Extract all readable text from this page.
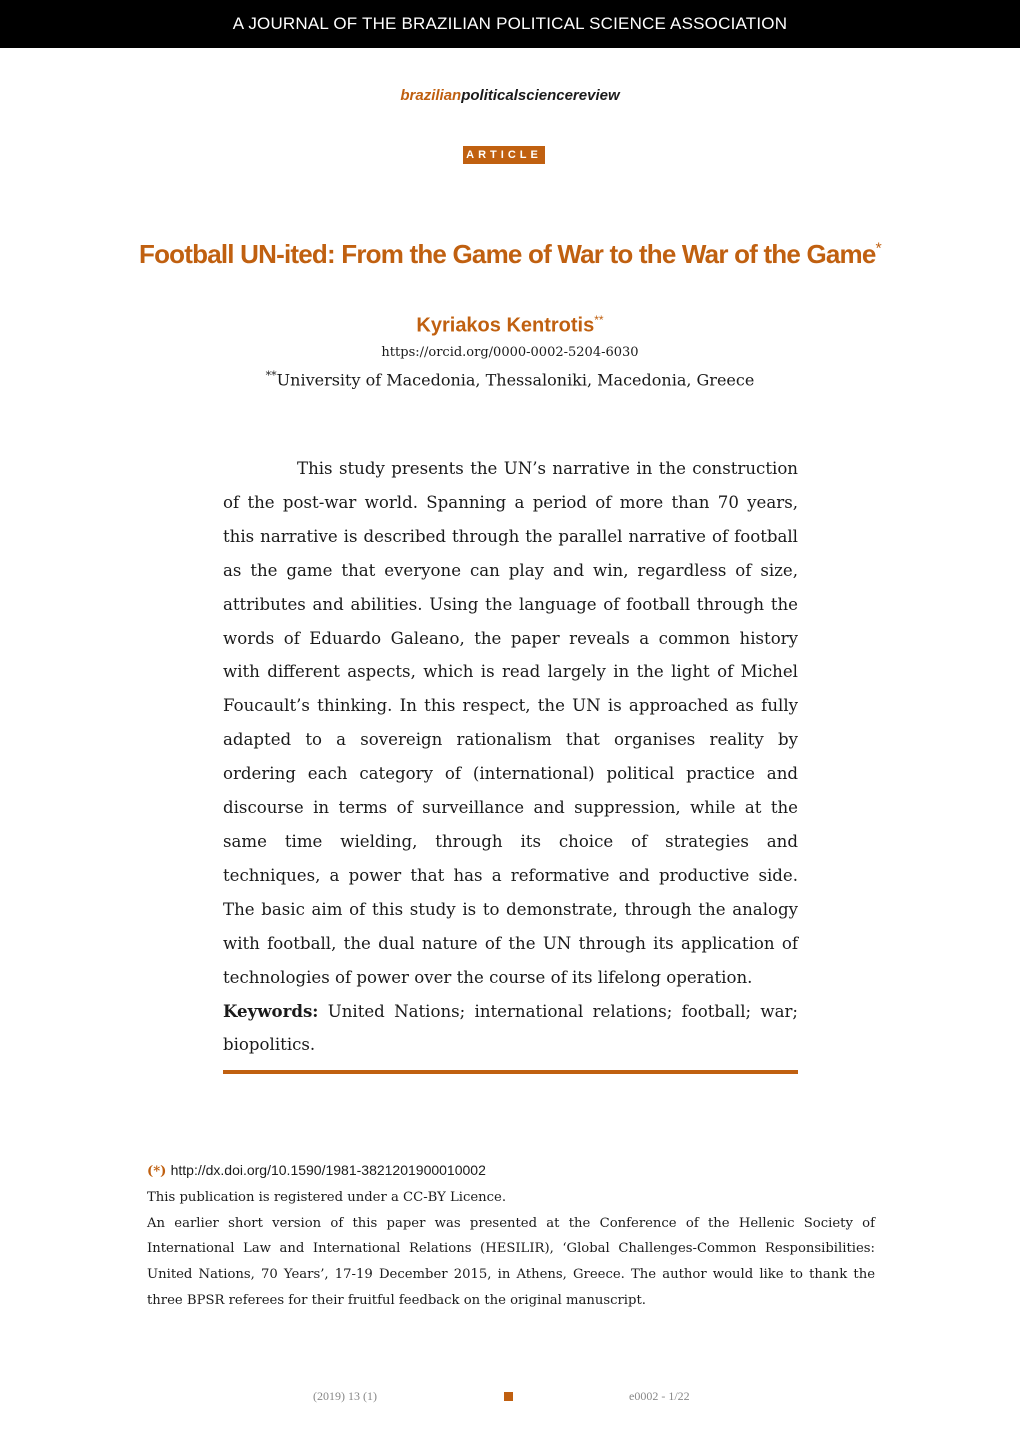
A JOURNAL OF THE BRAZILIAN POLITICAL SCIENCE ASSOCIATION
brazilianpoliticalsciencereview
ARTICLE
Football UN-ited: From the Game of War to the War of the Game*
Kyriakos Kentrotis**
https://orcid.org/0000-0002-5204-6030
**University of Macedonia, Thessaloniki, Macedonia, Greece
This study presents the UN’s narrative in the construction of the post-war world. Spanning a period of more than 70 years, this narrative is described through the parallel narrative of football as the game that everyone can play and win, regardless of size, attributes and abilities. Using the language of football through the words of Eduardo Galeano, the paper reveals a common history with different aspects, which is read largely in the light of Michel Foucault’s thinking. In this respect, the UN is approached as fully adapted to a sovereign rationalism that organises reality by ordering each category of (international) political practice and discourse in terms of surveillance and suppression, while at the same time wielding, through its choice of strategies and techniques, a power that has a reformative and productive side. The basic aim of this study is to demonstrate, through the analogy with football, the dual nature of the UN through its application of technologies of power over the course of its lifelong operation.
Keywords: United Nations; international relations; football; war; biopolitics.
(*) http://dx.doi.org/10.1590/1981-3821201900010002
This publication is registered under a CC-BY Licence.
An earlier short version of this paper was presented at the Conference of the Hellenic Society of International Law and International Relations (HESILIR), ‘Global Challenges-Common Responsibilities: United Nations, 70 Years’, 17-19 December 2015, in Athens, Greece. The author would like to thank the three BPSR referees for their fruitful feedback on the original manuscript.
(2019) 13 (1)	e0002 - 1/22
